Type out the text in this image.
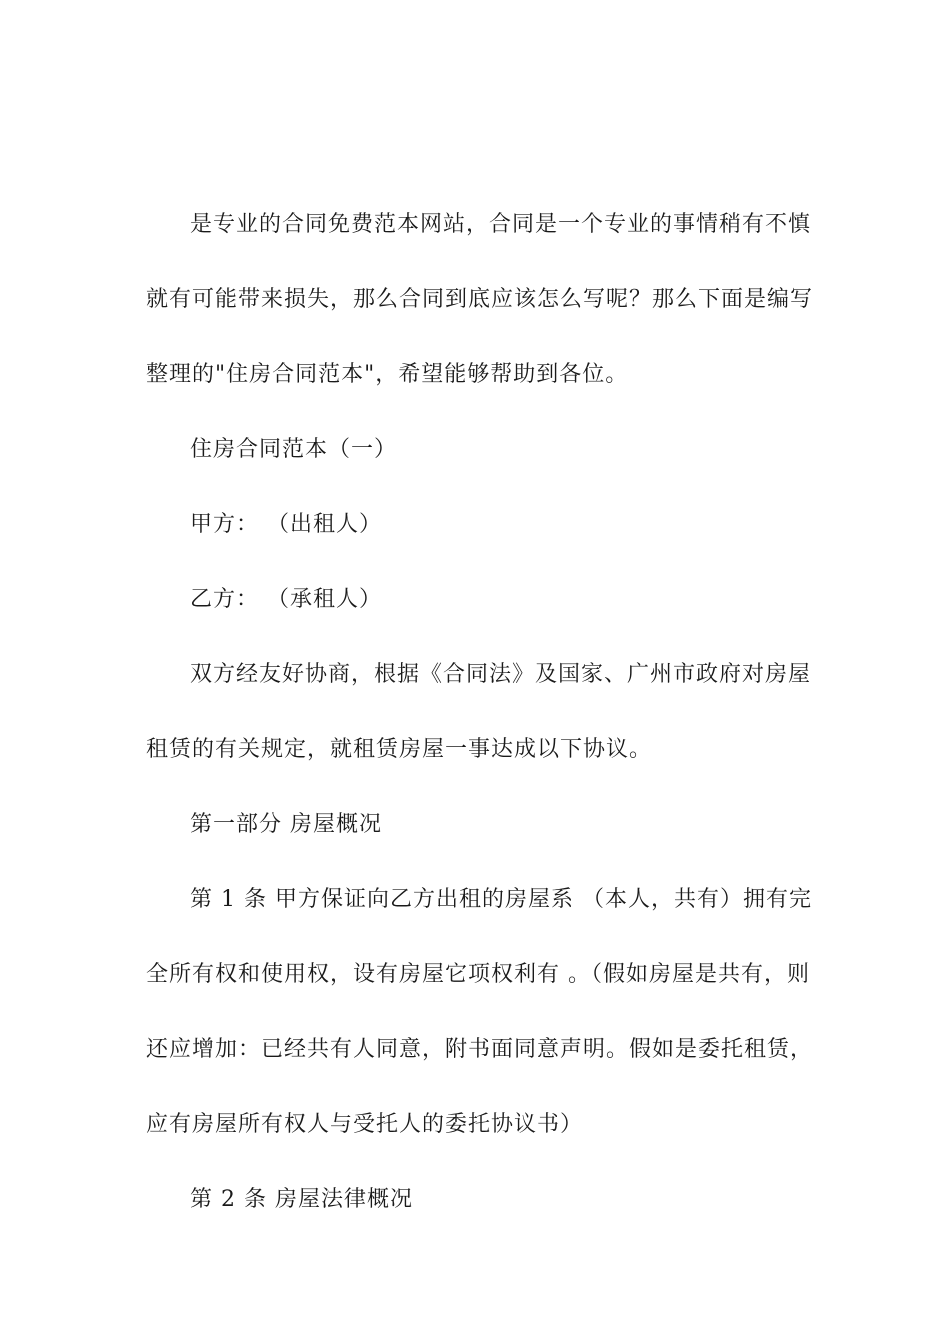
是专业的合同免费范本网站，合同是一个专业的事情稍有不慎
就有可能带来损失，那么合同到底应该怎么写呢？那么下面是编写
整理的"住房合同范本"，希望能够帮助到各位。
住房合同范本（一）
甲方： （出租人）
乙方： （承租人）
双方经友好协商，根据《合同法》及国家、广州市政府对房屋
租赁的有关规定，就租赁房屋一事达成以下协议。
第一部分 房屋概况
第 1 条 甲方保证向乙方出租的房屋系 （本人，共有）拥有完
全所有权和使用权，设有房屋它项权利有 。（假如房屋是共有，则
还应增加：已经共有人同意，附书面同意声明。假如是委托租赁，
应有房屋所有权人与受托人的委托协议书）
第 2 条 房屋法律概况
